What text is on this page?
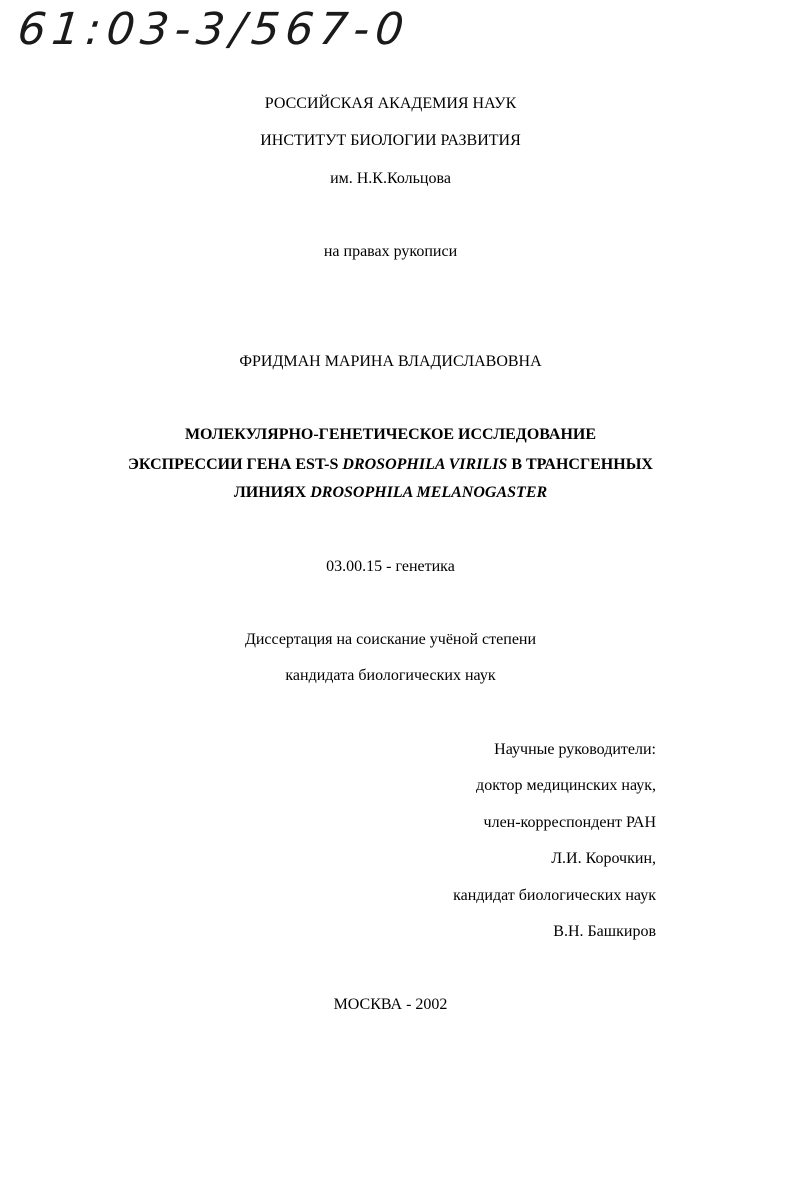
61:03-3/567-0
РОССИЙСКАЯ АКАДЕМИЯ НАУК
ИНСТИТУТ БИОЛОГИИ РАЗВИТИЯ
им. Н.К.Кольцова
на правах рукописи
ФРИДМАН МАРИНА ВЛАДИСЛАВОВНА
МОЛЕКУЛЯРНО-ГЕНЕТИЧЕСКОЕ ИССЛЕДОВАНИЕ
ЭКСПРЕССИИ ГЕНА EST-S DROSOPHILA VIRILIS В ТРАНСГЕННЫХ
ЛИНИЯХ DROSOPHILA MELANOGASTER
03.00.15 - генетика
Диссертация на соискание учёной степени
кандидата биологических наук
Научные руководители:
доктор медицинских наук,
член-корреспондент РАН
Л.И. Корочкин,
кандидат биологических наук
В.Н. Башкиров
МОСКВА - 2002
